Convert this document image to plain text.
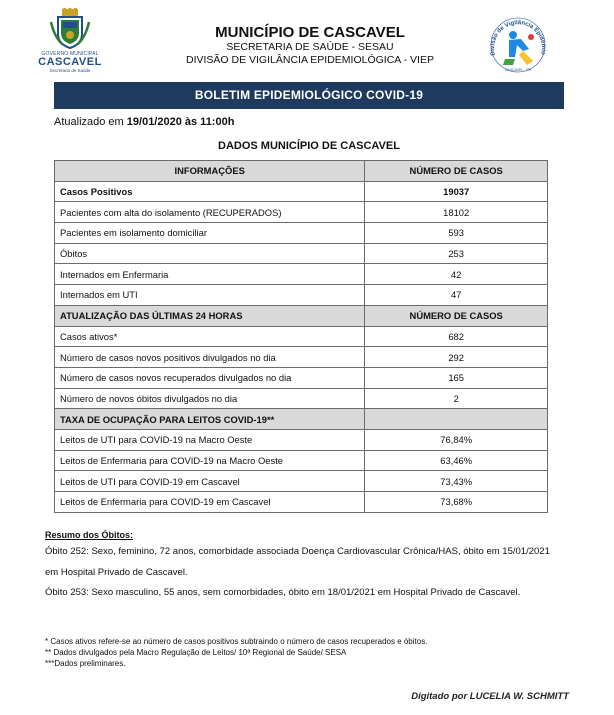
GOVERNO MUNICIPAL
CASCAVEL
Secretaria de Saúde
MUNICÍPIO DE CASCAVEL
SECRETARIA DE SAÚDE - SESAU
DIVISÃO DE VIGILÂNCIA EPIDEMIOLÓGICA - VIEP
Divisão de Vigilância Epidemio
CASCAVEL - PR
BOLETIM EPIDEMIOLÓGICO COVID-19
Atualizado em 19/01/2020 às 11:00h
DADOS MUNICÍPIO DE CASCAVEL
INFORMAÇÕES	NÚMERO DE CASOS
Casos Positivos	19037
Pacientes com alta do isolamento (RECUPERADOS)	18102
Pacientes em isolamento domiciliar	593
Óbitos	253
Internados em Enfermaria	42
Internados em UTI	47
ATUALIZAÇÃO DAS ÚLTIMAS 24 HORAS	NÚMERO DE CASOS
Casos ativos*	682
Número de casos novos positivos divulgados no dia	292
Número de casos novos recuperados divulgados no dia	165
Número de novos óbitos divulgados no dia	2
TAXA DE OCUPAÇÃO PARA LEITOS COVID-19**	
Leitos de UTI para COVID-19 na Macro Oeste	76,84%
Leitos de Enfermaria para COVID-19 na Macro Oeste	63,46%
Leitos de UTI para COVID-19 em Cascavel	73,43%
Leitos de Enfermaria para COVID-19 em Cascavel	73,68%
Resumo dos Óbitos:
Óbito 252: Sexo, feminino, 72 anos, comorbidade associada Doença Cardiovascular Crônica/HAS, óbito em 15/01/2021
em Hospital Privado de Cascavel.
Óbito 253: Sexo masculino, 55 anos, sem comorbidades, óbito em 18/01/2021 em Hospital Privado de Cascavel.
* Casos ativos refere-se ao número de casos positivos subtraindo o número de casos recuperados e óbitos.
** Dados divulgados pela Macro Regulação de Leitos/ 10ª Regional de Saúde/ SESA
***Dados preliminares.
Digitado por LUCELIA W. SCHMITT
